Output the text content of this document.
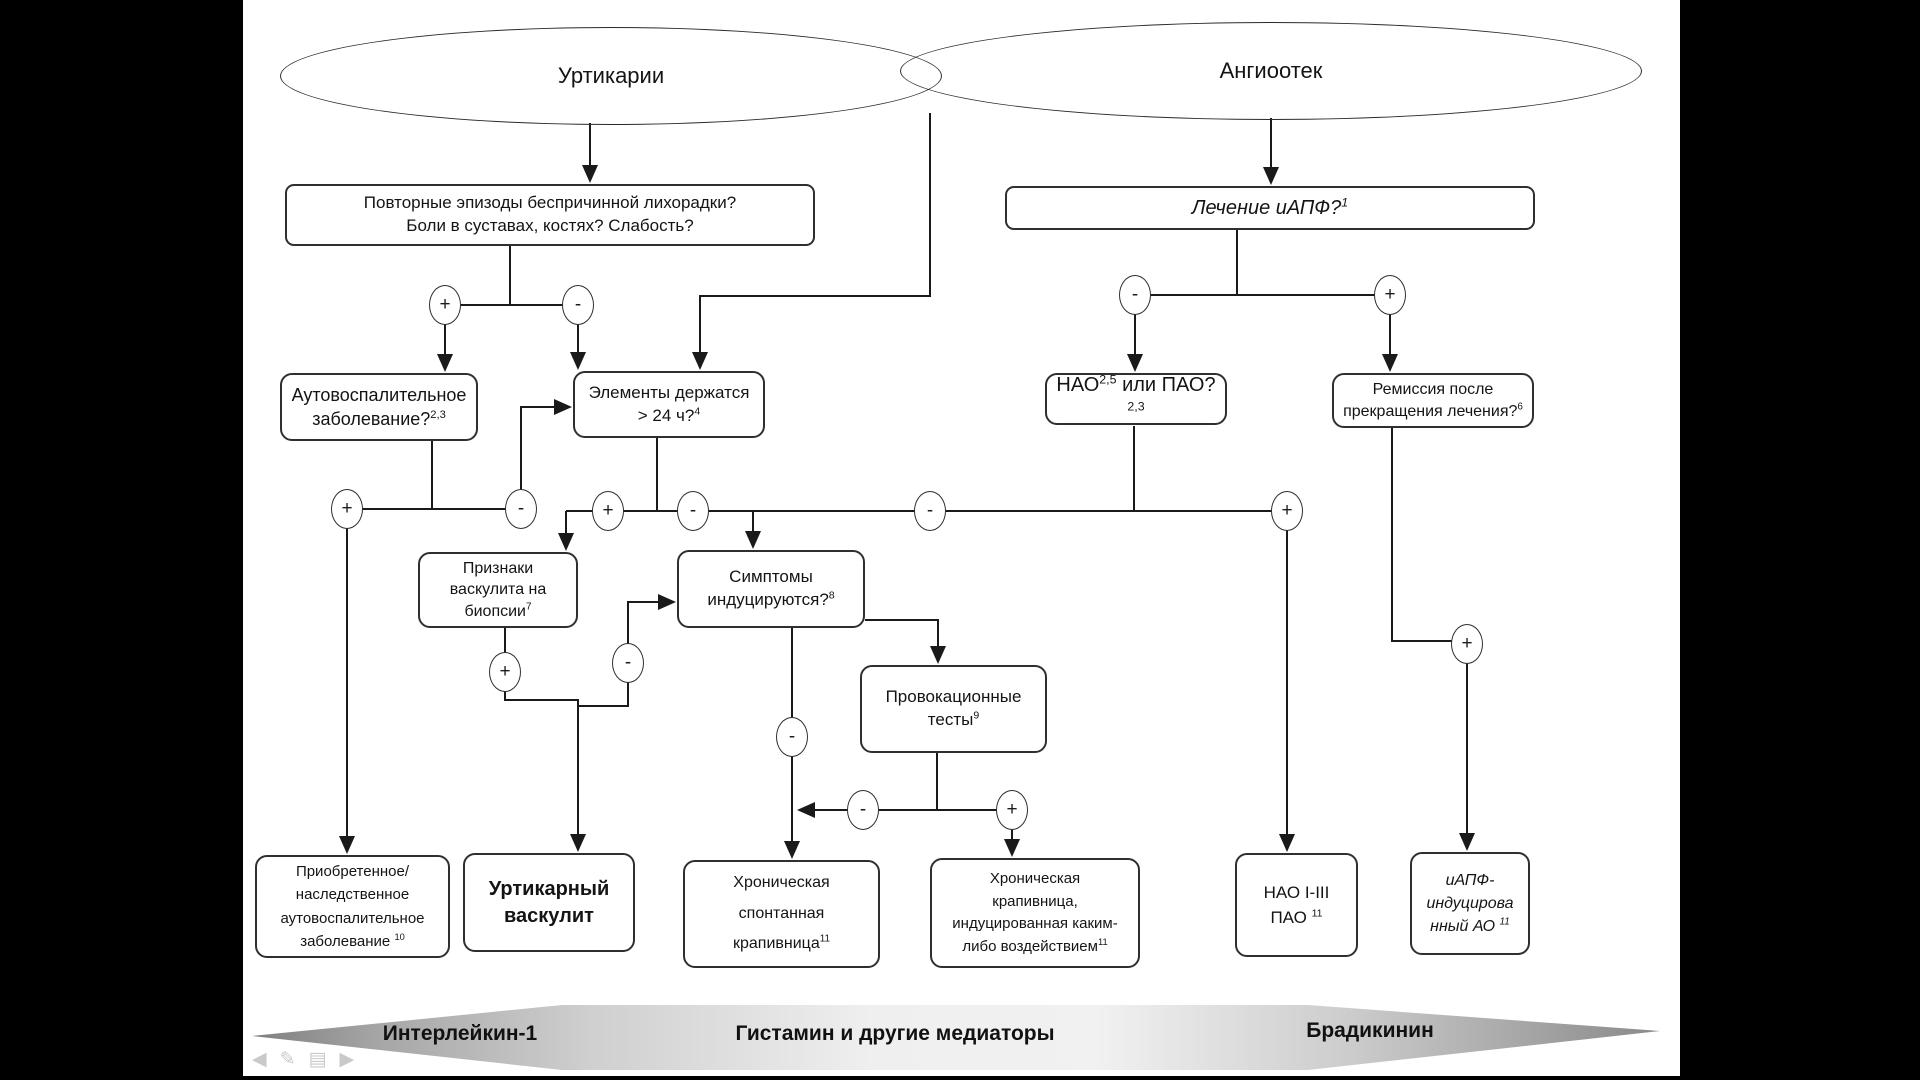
Уртикарии	Ангиоотек
Повторные эпизоды беспричинной лихорадки?
Боли в суставах, костях? Слабость?
Лечение иАПФ?$^1$
Аутовоспалительное
заболевание?$^{2,3}$
Элементы держатся
> 24 ч?$^4$
НАО$^{2,5}$ или ПАО?$^{2,3}$
Ремиссия после
прекращения лечения?$^6$
Признаки
васкулита на
биопсии$^7$
Симптомы
индуцируются?$^8$
Провокационные
тесты$^9$
Приобретенное/
наследственное
аутовоспалительное
заболевание $^{10}$
Уртикарный
васкулит
Хроническая
спонтанная
крапивница$^{11}$
Хроническая
крапивница,
индуцированная каким-
либо воздействием$^{11}$
НАО I-III
ПАО $^{11}$
иАПФ-
индуцирова
нный АО $^{11}$
+	-	-	+
+	-	+	-	-	+
+	-
-
-	+
+
Интерлейкин-1	Гистамин и другие медиаторы	Брадикинин
◀ ✎ ▤ ▶
